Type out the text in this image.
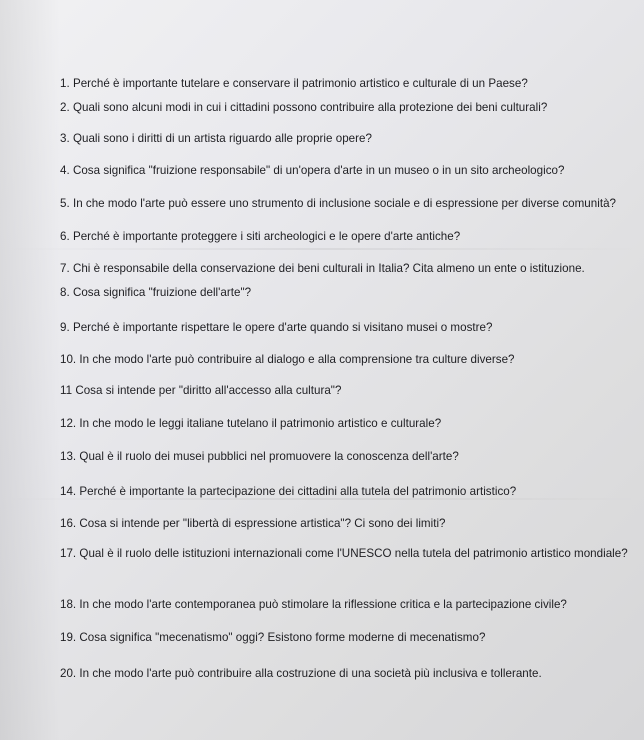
1. Perché è importante tutelare e conservare il patrimonio artistico e culturale di un Paese?
2. Quali sono alcuni modi in cui i cittadini possono contribuire alla protezione dei beni culturali?
3. Quali sono i diritti di un artista riguardo alle proprie opere?
4. Cosa significa "fruizione responsabile" di un'opera d'arte in un museo o in un sito archeologico?
5. In che modo l'arte può essere uno strumento di inclusione sociale e di espressione per diverse comunità?
6. Perché è importante proteggere i siti archeologici e le opere d'arte antiche?
7. Chi è responsabile della conservazione dei beni culturali in Italia? Cita almeno un ente o istituzione.
8. Cosa significa "fruizione dell'arte"?
9. Perché è importante rispettare le opere d'arte quando si visitano musei o mostre?
10. In che modo l'arte può contribuire al dialogo e alla comprensione tra culture diverse?
11 Cosa si intende per "diritto all'accesso alla cultura"?
12. In che modo le leggi italiane tutelano il patrimonio artistico e culturale?
13. Qual è il ruolo dei musei pubblici nel promuovere la conoscenza dell'arte?
14. Perché è importante la partecipazione dei cittadini alla tutela del patrimonio artistico?
16. Cosa si intende per "libertà di espressione artistica"? Ci sono dei limiti?
17. Qual è il ruolo delle istituzioni internazionali come l'UNESCO nella tutela del patrimonio artistico mondiale?
18. In che modo l'arte contemporanea può stimolare la riflessione critica e la partecipazione civile?
19. Cosa significa "mecenatismo" oggi? Esistono forme moderne di mecenatismo?
20. In che modo l'arte può contribuire alla costruzione di una società più inclusiva e tollerante.
